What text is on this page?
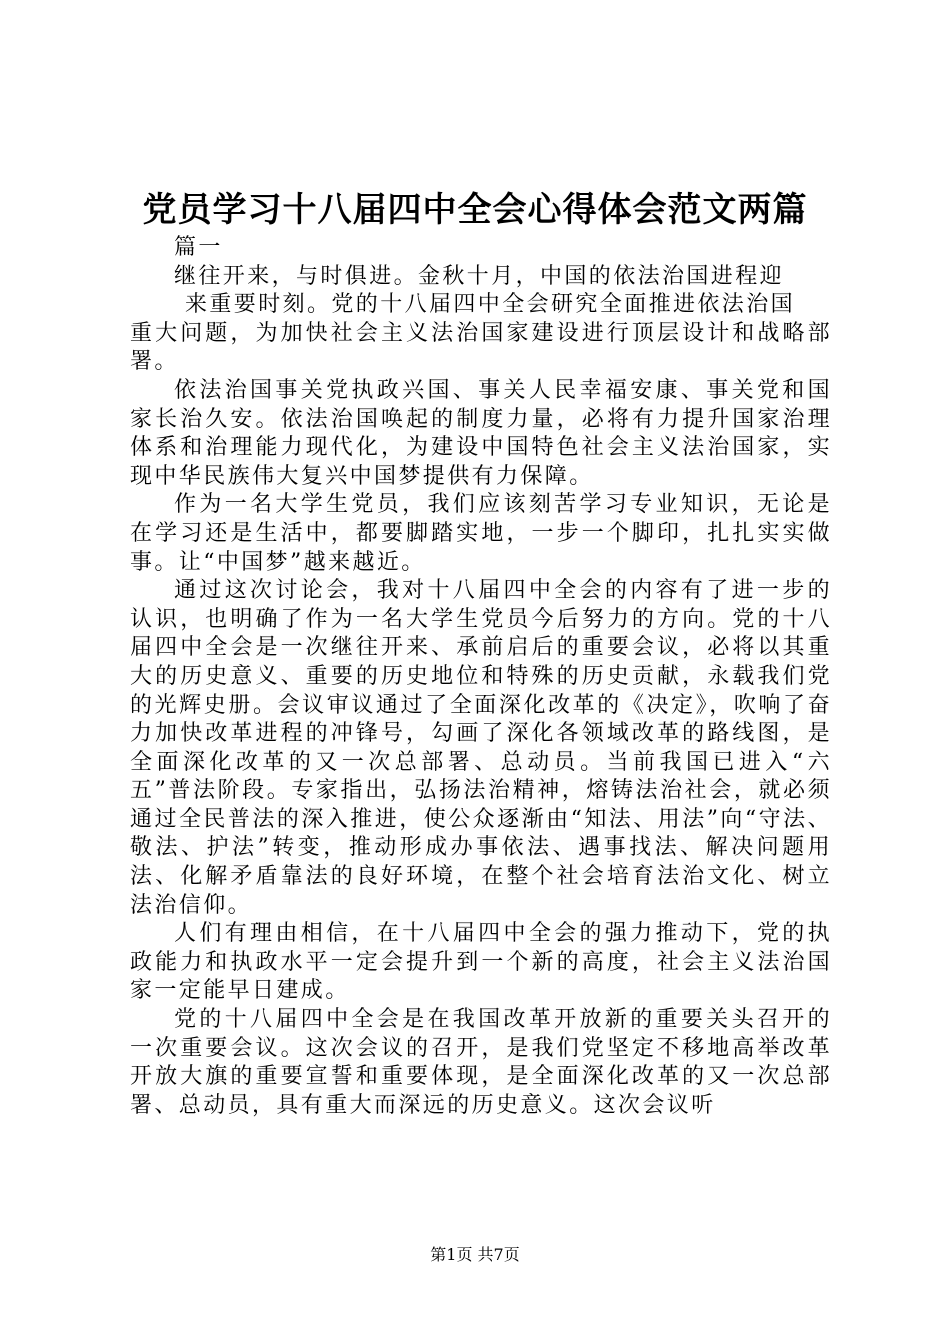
党员学习十八届四中全会心得体会范文两篇

篇一

继往开来，与时俱进。金秋十月，中国的依法治国进程迎
来重要时刻。党的十八届四中全会研究全面推进依法治国
重大问题，为加快社会主义法治国家建设进行顶层设计和战略部署。

依法治国事关党执政兴国、事关人民幸福安康、事关党和国家长治久安。依法治国唤起的制度力量，必将有力提升国家治理体系和治理能力现代化，为建设中国特色社会主义法治国家，实现中华民族伟大复兴中国梦提供有力保障。

作为一名大学生党员，我们应该刻苦学习专业知识，无论是在学习还是生活中，都要脚踏实地，一步一个脚印，扎扎实实做事。让“中国梦”越来越近。

通过这次讨论会，我对十八届四中全会的内容有了进一步的认识，也明确了作为一名大学生党员今后努力的方向。党的十八届四中全会是一次继往开来、承前启后的重要会议，必将以其重大的历史意义、重要的历史地位和特殊的历史贡献，永载我们党的光辉史册。会议审议通过了全面深化改革的《决定》，吹响了奋力加快改革进程的冲锋号，勾画了深化各领域改革的路线图，是全面深化改革的又一次总部署、总动员。当前我国已进入“六五”普法阶段。专家指出，弘扬法治精神，熔铸法治社会，就必须通过全民普法的深入推进，使公众逐渐由“知法、用法”向“守法、敬法、护法”转变，推动形成办事依法、遇事找法、解决问题用法、化解矛盾靠法的良好环境，在整个社会培育法治文化、树立法治信仰。

人们有理由相信，在十八届四中全会的强力推动下，党的执政能力和执政水平一定会提升到一个新的高度，社会主义法治国家一定能早日建成。

党的十八届四中全会是在我国改革开放新的重要关头召开的一次重要会议。这次会议的召开，是我们党坚定不移地高举改革开放大旗的重要宣誓和重要体现，是全面深化改革的又一次总部署、总动员，具有重大而深远的历史意义。这次会议听

第1页 共7页
